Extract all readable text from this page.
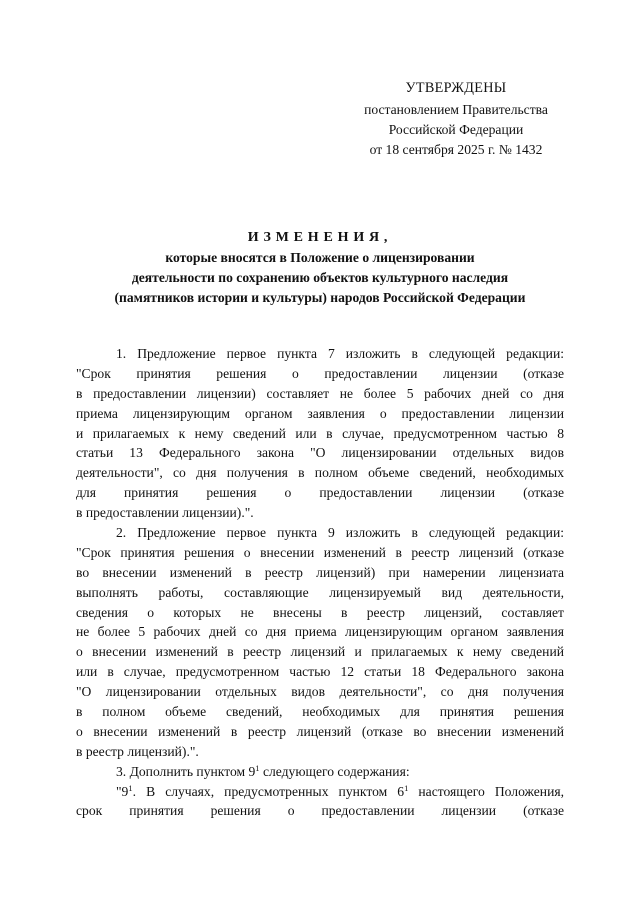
УТВЕРЖДЕНЫ
постановлением Правительства
Российской Федерации
от 18 сентября 2025 г. № 1432
ИЗМЕНЕНИЯ,
которые вносятся в Положение о лицензировании
деятельности по сохранению объектов культурного наследия
(памятников истории и культуры) народов Российской Федерации
1. Предложение первое пункта 7 изложить в следующей редакции:
"Срок принятия решения о предоставлении лицензии (отказе
в предоставлении лицензии) составляет не более 5 рабочих дней со дня
приема лицензирующим органом заявления о предоставлении лицензии
и прилагаемых к нему сведений или в случае, предусмотренном частью 8
статьи 13 Федерального закона "О лицензировании отдельных видов
деятельности", со дня получения в полном объеме сведений, необходимых
для принятия решения о предоставлении лицензии (отказе
в предоставлении лицензии).".
2. Предложение первое пункта 9 изложить в следующей редакции:
"Срок принятия решения о внесении изменений в реестр лицензий (отказе
во внесении изменений в реестр лицензий) при намерении лицензиата
выполнять работы, составляющие лицензируемый вид деятельности,
сведения о которых не внесены в реестр лицензий, составляет
не более 5 рабочих дней со дня приема лицензирующим органом заявления
о внесении изменений в реестр лицензий и прилагаемых к нему сведений
или в случае, предусмотренном частью 12 статьи 18 Федерального закона
"О лицензировании отдельных видов деятельности", со дня получения
в полном объеме сведений, необходимых для принятия решения
о внесении изменений в реестр лицензий (отказе во внесении изменений
в реестр лицензий).".
3. Дополнить пунктом $9^1$ следующего содержания:
"$9^1$. В случаях, предусмотренных пунктом $6^1$ настоящего Положения,
срок принятия решения о предоставлении лицензии (отказе
